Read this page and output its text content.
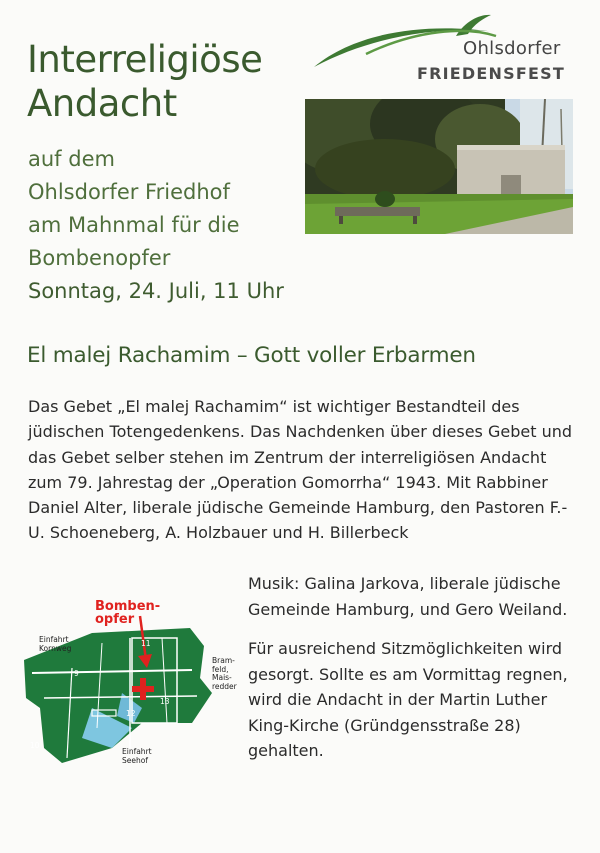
Interreligiöse Andacht
auf dem
Ohlsdorfer Friedhof
am Mahnmal für die
Bombenopfer
Sonntag, 24. Juli, 11 Uhr
Ohlsdorfer
FRIEDENSFEST
El malej Rachamim – Gott voller Erbarmen

Das Gebet „El malej Rachamim“ ist wichtiger Bestandteil des jüdischen Totengedenkens. Das Nachdenken über dieses Gebet und das Gebet selber stehen im Zentrum der interreligiösen Andacht zum 79. Jahrestag der „Operation Gomorrha“ 1943. Mit Rabbiner Daniel Alter, liberale jüdische Gemeinde Hamburg, den Pastoren F.-U. Schoeneberg, A. Holzbauer und H. Billerbeck

Musik: Galina Jarkova, liberale jüdische Gemeinde Hamburg, und Gero Weiland.

Für ausreichend Sitzmöglichkeiten wird gesorgt. Sollte es am Vormittag regnen, wird die Andacht in der Martin Luther King-Kirche (Gründgensstraße 28) gehalten.

Bomben-
opfer
Einfahrt
Kornweg
Bram-
feld,
Mais-
redder
Einfahrt
Seehof
11
9
12
13
10
